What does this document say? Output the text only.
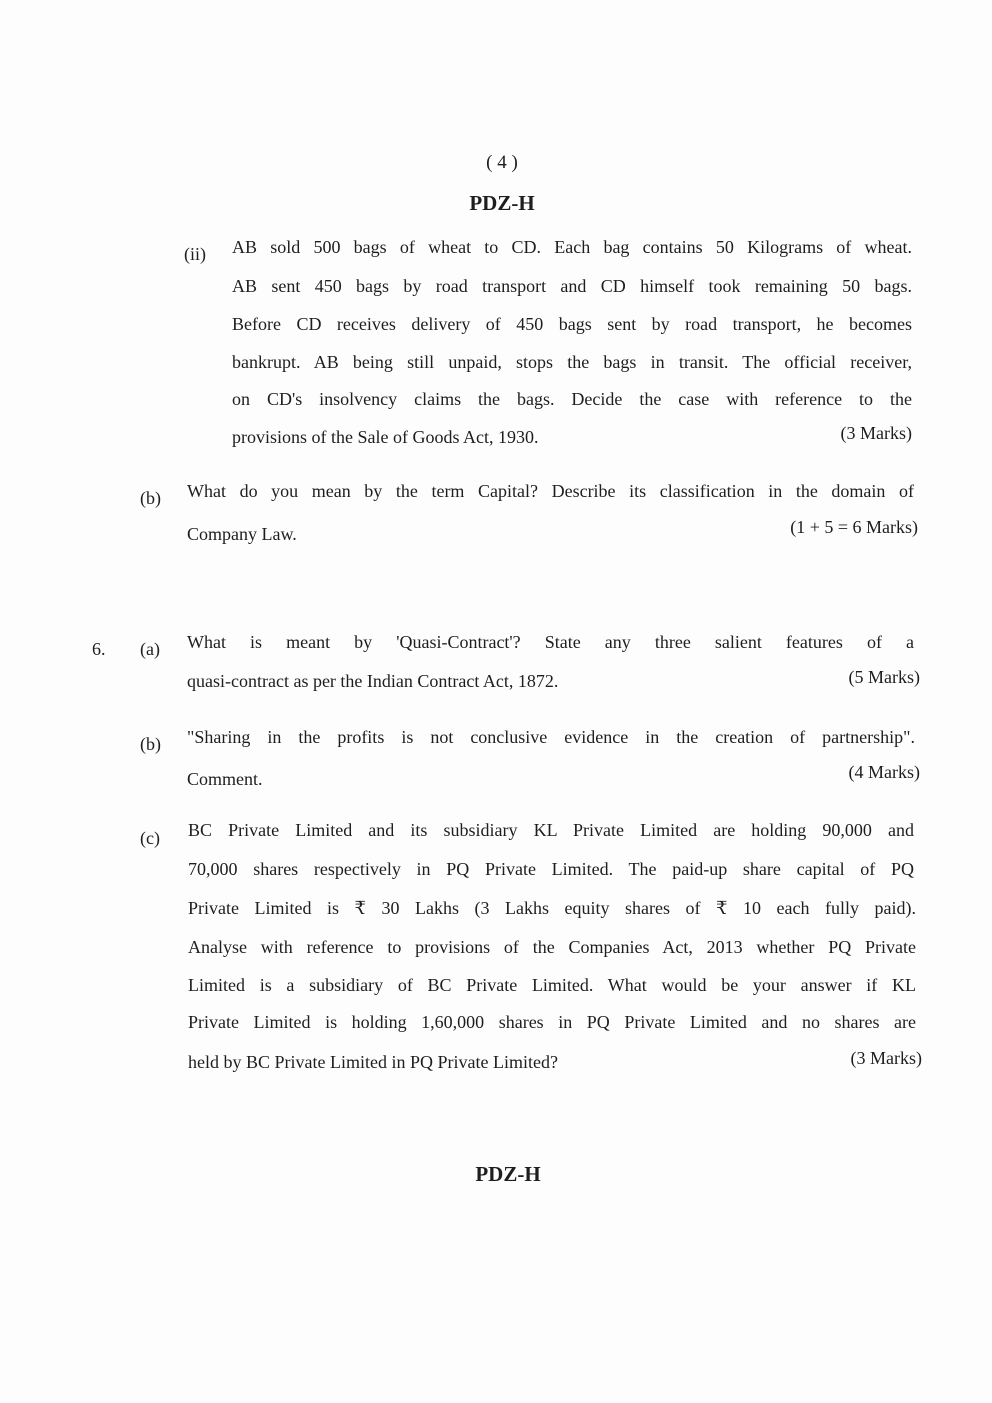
( 4 )
PDZ-H
(ii) AB sold 500 bags of wheat to CD. Each bag contains 50 Kilograms of wheat.
AB sent 450 bags by road transport and CD himself took remaining 50 bags.
Before CD receives delivery of 450 bags sent by road transport, he becomes
bankrupt. AB being still unpaid, stops the bags in transit. The official receiver,
on CD's insolvency claims the bags. Decide the case with reference to the
provisions of the Sale of Goods Act, 1930.	(3 Marks)
(b) What do you mean by the term Capital? Describe its classification in the domain of
Company Law.	(1 + 5 = 6 Marks)
6. (a) What is meant by 'Quasi-Contract'? State any three salient features of a
quasi-contract as per the Indian Contract Act, 1872.	(5 Marks)
(b) "Sharing in the profits is not conclusive evidence in the creation of partnership".
Comment.	(4 Marks)
(c) BC Private Limited and its subsidiary KL Private Limited are holding 90,000 and
70,000 shares respectively in PQ Private Limited. The paid-up share capital of PQ
Private Limited is ₹ 30 Lakhs (3 Lakhs equity shares of ₹ 10 each fully paid).
Analyse with reference to provisions of the Companies Act, 2013 whether PQ Private
Limited is a subsidiary of BC Private Limited. What would be your answer if KL
Private Limited is holding 1,60,000 shares in PQ Private Limited and no shares are
held by BC Private Limited in PQ Private Limited?	(3 Marks)
PDZ-H
